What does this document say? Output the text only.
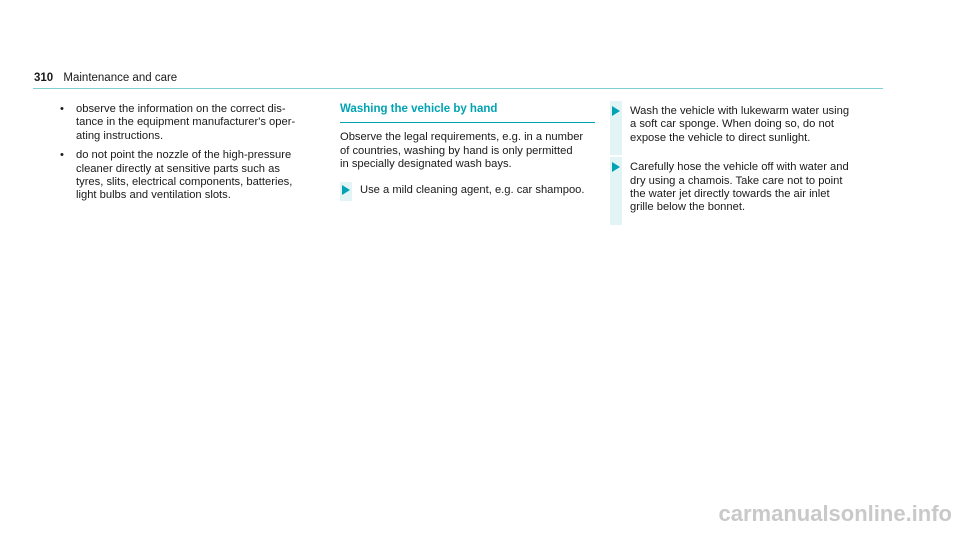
310 Maintenance and care
• observe the information on the correct dis-
tance in the equipment manufacturer's oper-
ating instructions.
• do not point the nozzle of the high-pressure
cleaner directly at sensitive parts such as
tyres, slits, electrical components, batteries,
light bulbs and ventilation slots.
Washing the vehicle by hand
Observe the legal requirements, e.g. in a number
of countries, washing by hand is only permitted
in specially designated wash bays.
Use a mild cleaning agent, e.g. car shampoo.
Wash the vehicle with lukewarm water using
a soft car sponge. When doing so, do not
expose the vehicle to direct sunlight.
Carefully hose the vehicle off with water and
dry using a chamois. Take care not to point
the water jet directly towards the air inlet
grille below the bonnet.
carmanualsonline.info
